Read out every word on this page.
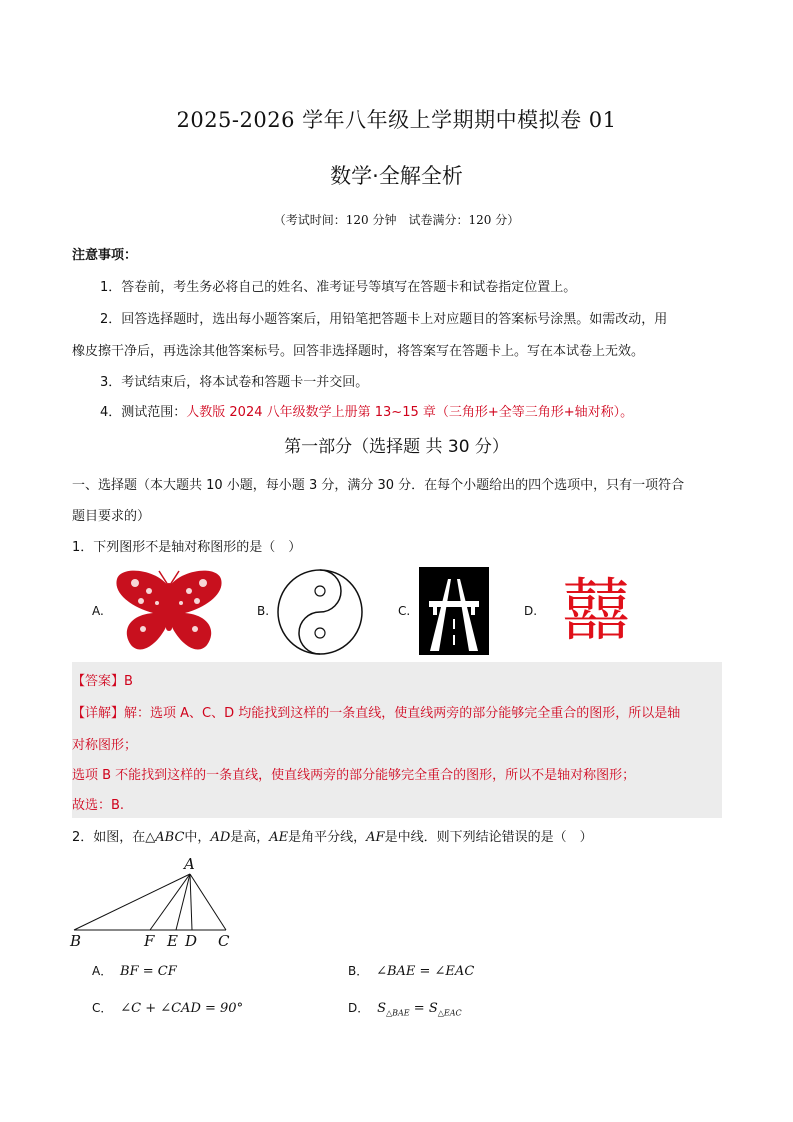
2025-2026 学年八年级上学期期中模拟卷 01
数学·全解全析
（考试时间：120 分钟　试卷满分：120 分）
注意事项：
1．答卷前，考生务必将自己的姓名、准考证号等填写在答题卡和试卷指定位置上。
2．回答选择题时，选出每小题答案后，用铅笔把答题卡上对应题目的答案标号涂黑。如需改动，用
橡皮擦干净后，再选涂其他答案标号。回答非选择题时，将答案写在答题卡上。写在本试卷上无效。
3．考试结束后，将本试卷和答题卡一并交回。
4．测试范围：人教版 2024 八年级数学上册第 13~15 章（三角形+全等三角形+轴对称）。
第一部分（选择题 共 30 分）
一、选择题（本大题共 10 小题，每小题 3 分，满分 30 分．在每个小题给出的四个选项中，只有一项符合
题目要求的）
1．下列图形不是轴对称图形的是（　）
A.	B.	C.	D. 囍
【答案】B
【详解】解：选项 A、C、D 均能找到这样的一条直线，使直线两旁的部分能够完全重合的图形，所以是轴
对称图形；
选项 B 不能找到这样的一条直线，使直线两旁的部分能够完全重合的图形，所以不是轴对称图形；
故选：B.
2．如图，在△ABC中，AD是高，AE是角平分线，AF是中线．则下列结论错误的是（　）
A
B	F E D C
A． BF = CF	B． ∠BAE = ∠EAC
C． ∠C + ∠CAD = 90°	D． $S_{\triangle BAE} = S_{\triangle EAC}$
